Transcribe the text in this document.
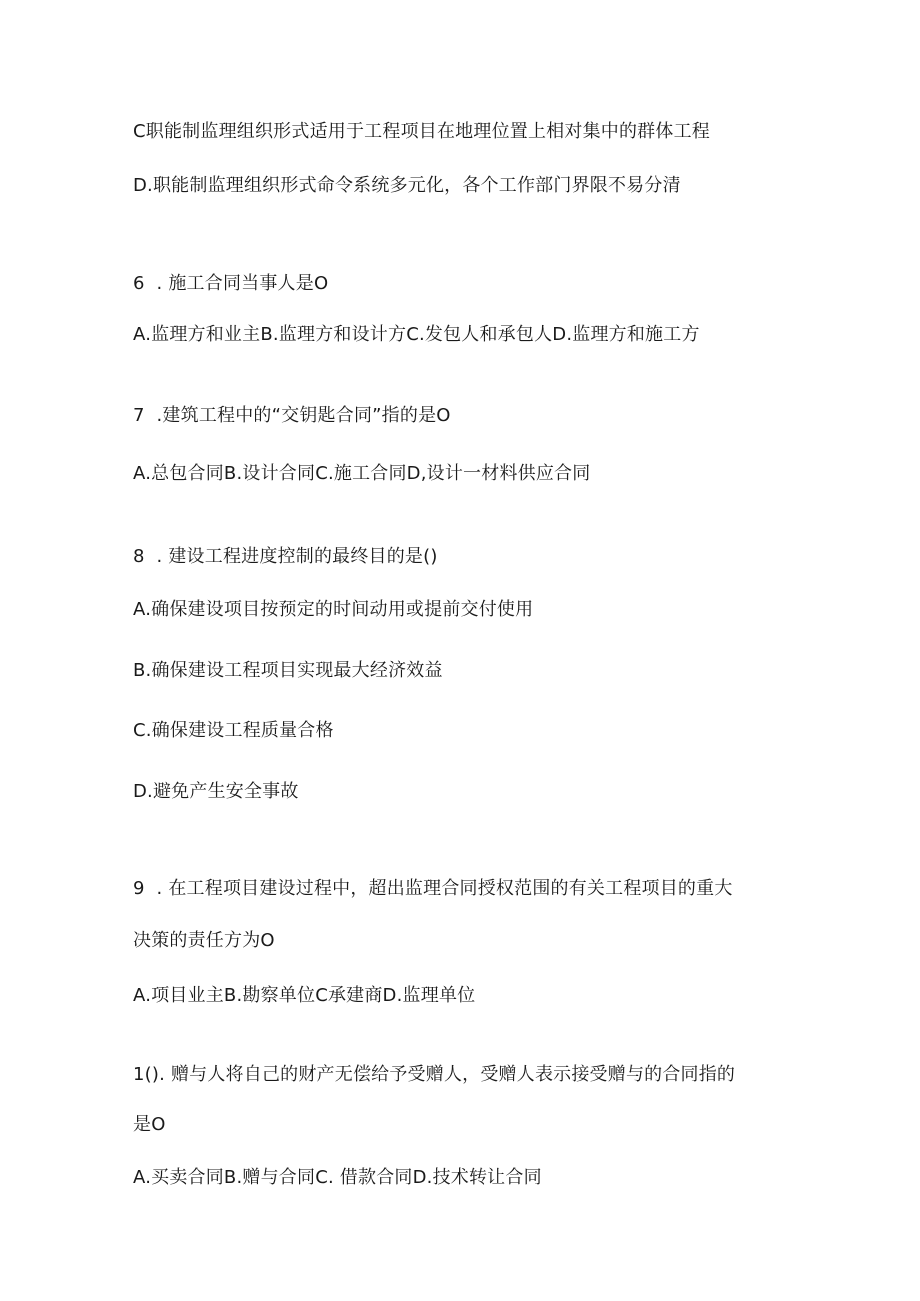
C职能制监理组织形式适用于工程项目在地理位置上相对集中的群体工程
D.职能制监理组织形式命令系统多元化，各个工作部门界限不易分清
6  . 施工合同当事人是O
A.监理方和业主B.监理方和设计方C.发包人和承包人D.监理方和施工方
7  .建筑工程中的“交钥匙合同”指的是O
A.总包合同B.设计合同C.施工合同D,设计一材料供应合同
8  . 建设工程进度控制的最终目的是()
A.确保建设项目按预定的时间动用或提前交付使用
B.确保建设工程项目实现最大经济效益
C.确保建设工程质量合格
D.避免产生安全事故
9  . 在工程项目建设过程中，超出监理合同授权范围的有关工程项目的重大
决策的责任方为O
A.项目业主B.勘察单位C承建商D.监理单位
1(). 赠与人将自己的财产无偿给予受赠人，受赠人表示接受赠与的合同指的
是O
A.买卖合同B.赠与合同C. 借款合同D.技术转让合同
